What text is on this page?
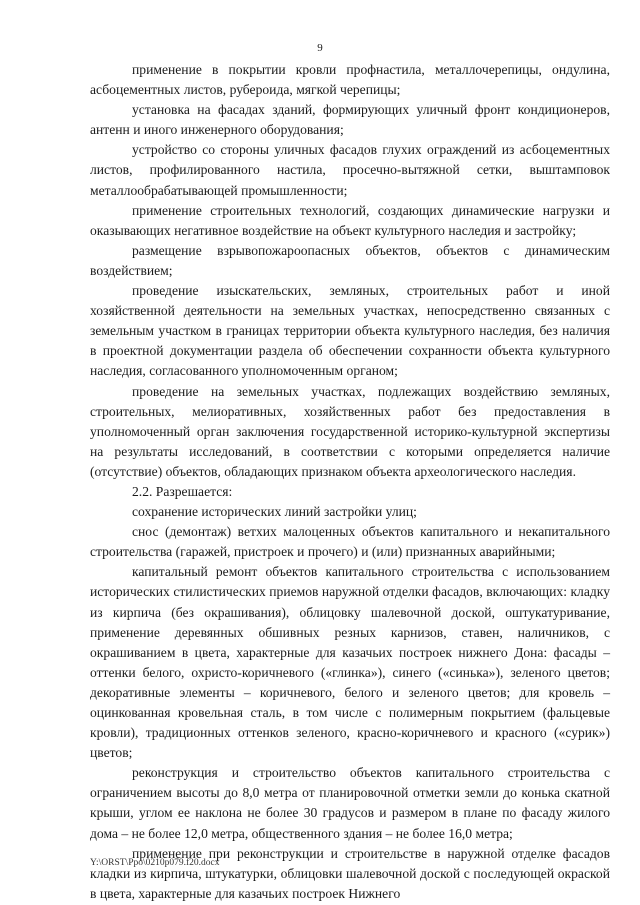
9

применение в покрытии кровли профнастила, металлочерепицы, ондулина, асбоцементных листов, рубероида, мягкой черепицы;

установка на фасадах зданий, формирующих уличный фронт кондиционеров, антенн и иного инженерного оборудования;

устройство со стороны уличных фасадов глухих ограждений из асбоцементных листов, профилированного настила, просечно-вытяжной сетки, выштамповок металлообрабатывающей промышленности;

применение строительных технологий, создающих динамические нагрузки и оказывающих негативное воздействие на объект культурного наследия и застройку;

размещение взрывопожароопасных объектов, объектов с динамическим воздействием;

проведение изыскательских, земляных, строительных работ и иной хозяйственной деятельности на земельных участках, непосредственно связанных с земельным участком в границах территории объекта культурного наследия, без наличия в проектной документации раздела об обеспечении сохранности объекта культурного наследия, согласованного уполномоченным органом;

проведение на земельных участках, подлежащих воздействию земляных, строительных, мелиоративных, хозяйственных работ без предоставления в уполномоченный орган заключения государственной историко-культурной экспертизы на результаты исследований, в соответствии с которыми определяется наличие (отсутствие) объектов, обладающих признаком объекта археологического наследия.

2.2. Разрешается:

сохранение исторических линий застройки улиц;

снос (демонтаж) ветхих малоценных объектов капитального и некапитального строительства (гаражей, пристроек и прочего) и (или) признанных аварийными;

капитальный ремонт объектов капитального строительства с использованием исторических стилистических приемов наружной отделки фасадов, включающих: кладку из кирпича (без окрашивания), облицовку шалевочной доской, оштукатуривание, применение деревянных обшивных резных карнизов, ставен, наличников, с окрашиванием в цвета, характерные для казачьих построек нижнего Дона: фасады – оттенки белого, охристо-коричневого («глинка»), синего («синька»), зеленого цветов; декоративные элементы – коричневого, белого и зеленого цветов; для кровель – оцинкованная кровельная сталь, в том числе с полимерным покрытием (фальцевые кровли), традиционных оттенков зеленого, красно-коричневого и красного («сурик») цветов;

реконструкция и строительство объектов капитального строительства с ограничением высоты до 8,0 метра от планировочной отметки земли до конька скатной крыши, углом ее наклона не более 30 градусов и размером в плане по фасаду жилого дома – не более 12,0 метра, общественного здания – не более 16,0 метра;

применение при реконструкции и строительстве в наружной отделке фасадов кладки из кирпича, штукатурки, облицовки шалевочной доской с последующей окраской в цвета, характерные для казачьих построек Нижнего

Y:\ORST\Ppo\0210p079.f20.docx
